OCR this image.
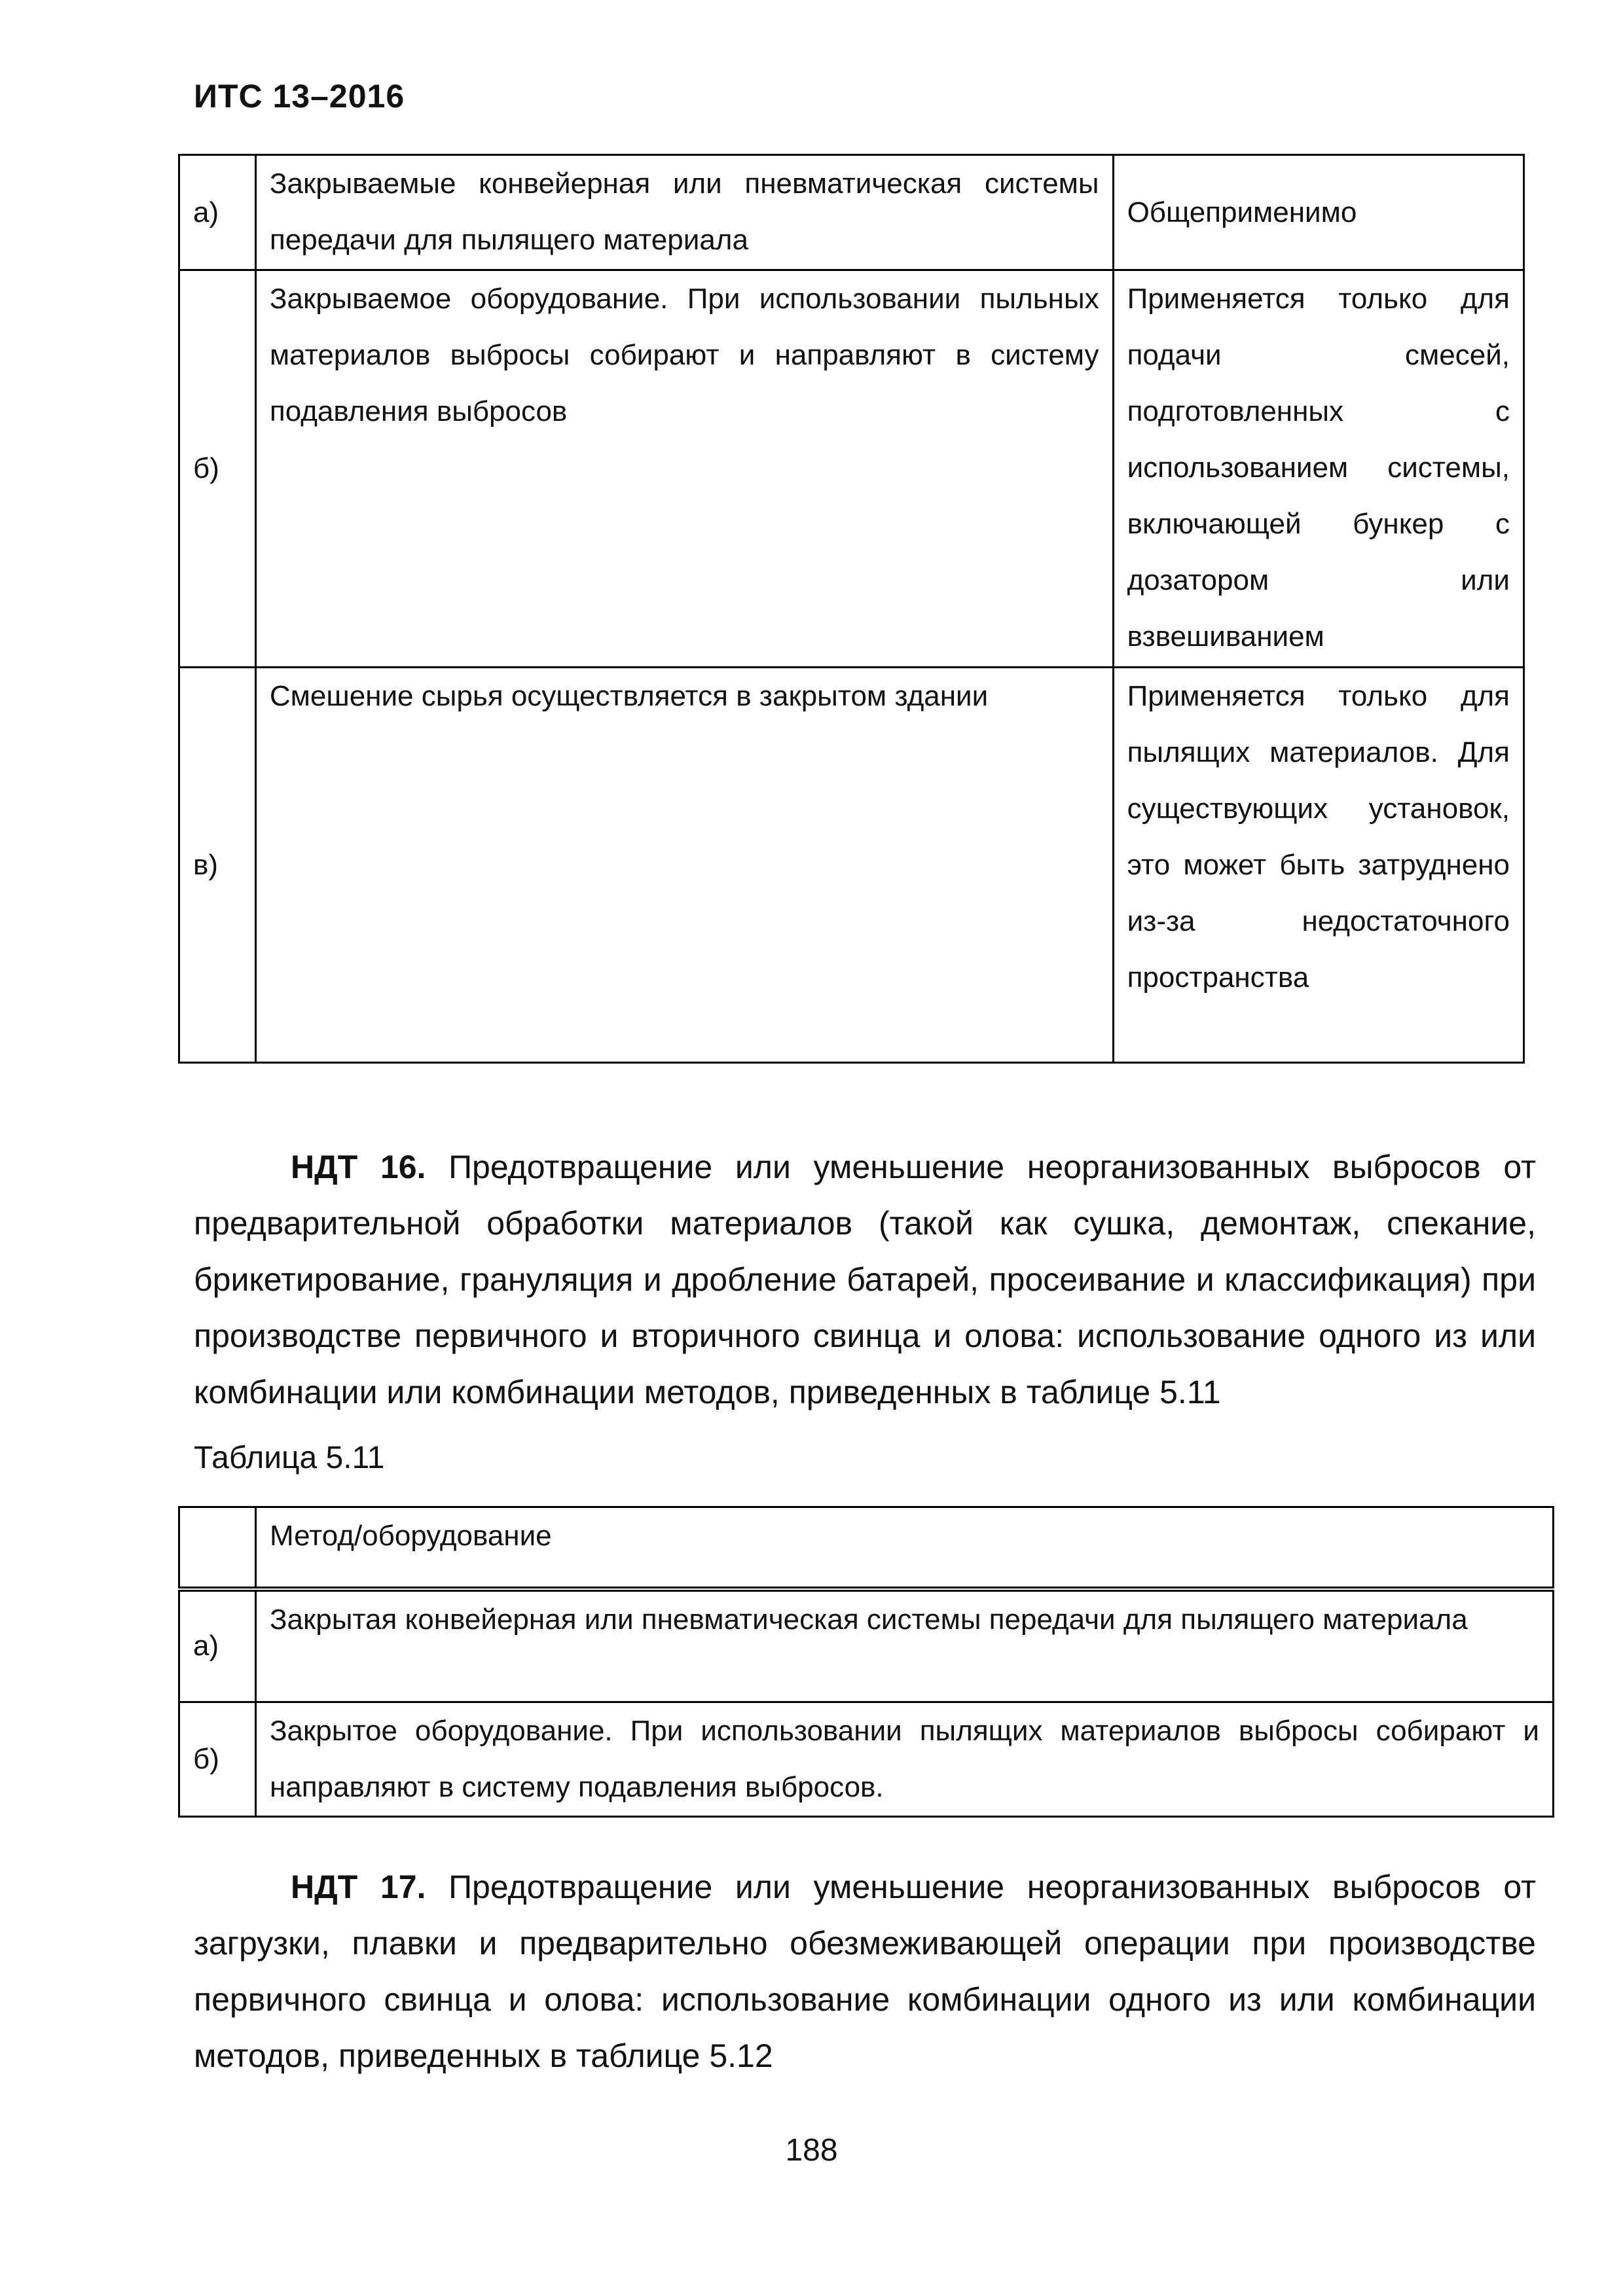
ИТС 13–2016
а)	Закрываемые конвейерная или пневматическая системы передачи для пылящего материала	Общеприменимо
б)	Закрываемое оборудование. При использовании пыльных материалов выбросы собирают и направляют в систему подавления выбросов	Применяется только для подачи смесей, подготовленных с использованием системы, включающей бункер с дозатором или взвешиванием
в)	Смешение сырья осуществляется в закрытом здании	Применяется только для пылящих материалов. Для существующих установок, это может быть затруднено из-за недостаточного пространства

НДТ 16. Предотвращение или уменьшение неорганизованных выбросов от предварительной обработки материалов (такой как сушка, демонтаж, спекание, брикетирование, грануляция и дробление батарей, просеивание и классификация) при производстве первичного и вторичного свинца и олова: использование одного из или комбинации или комбинации методов, приведенных в таблице 5.11

Таблица 5.11
	Метод/оборудование
а)	Закрытая конвейерная или пневматическая системы передачи для пылящего материала
б)	Закрытое оборудование. При использовании пылящих материалов выбросы собирают и направляют в систему подавления выбросов.

НДТ 17. Предотвращение или уменьшение неорганизованных выбросов от загрузки, плавки и предварительно обезмеживающей операции при производстве первичного свинца и олова: использование комбинации одного из или комбинации методов, приведенных в таблице 5.12

188
